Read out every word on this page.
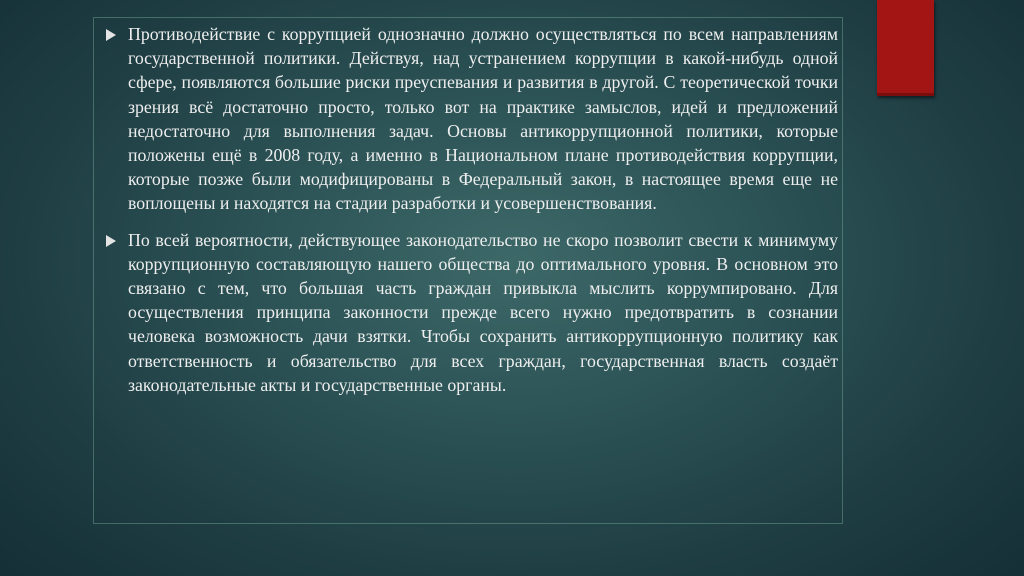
Противодействие с коррупцией однозначно должно осуществляться по всем направлениям государственной политики. Действуя, над устранением коррупции в какой-нибудь одной сфере, появляются большие риски преуспевания и развития в другой. С теоретической точки зрения всё достаточно просто, только вот на практике замыслов, идей и предложений недостаточно для выполнения задач. Основы антикоррупционной политики, которые положены ещё в 2008 году, а именно в Национальном плане противодействия коррупции, которые позже были модифицированы в Федеральный закон, в настоящее время еще не воплощены и находятся на стадии разработки и усовершенствования.

По всей вероятности, действующее законодательство не скоро позволит свести к минимуму коррупционную составляющую нашего общества до оптимального уровня. В основном это связано с тем, что большая часть граждан привыкла мыслить коррумпировано. Для осуществления принципа законности прежде всего нужно предотвратить в сознании человека возможность дачи взятки. Чтобы сохранить антикоррупционную политику как ответственность и обязательство для всех граждан, государственная власть создаёт законодательные акты и государственные органы.
